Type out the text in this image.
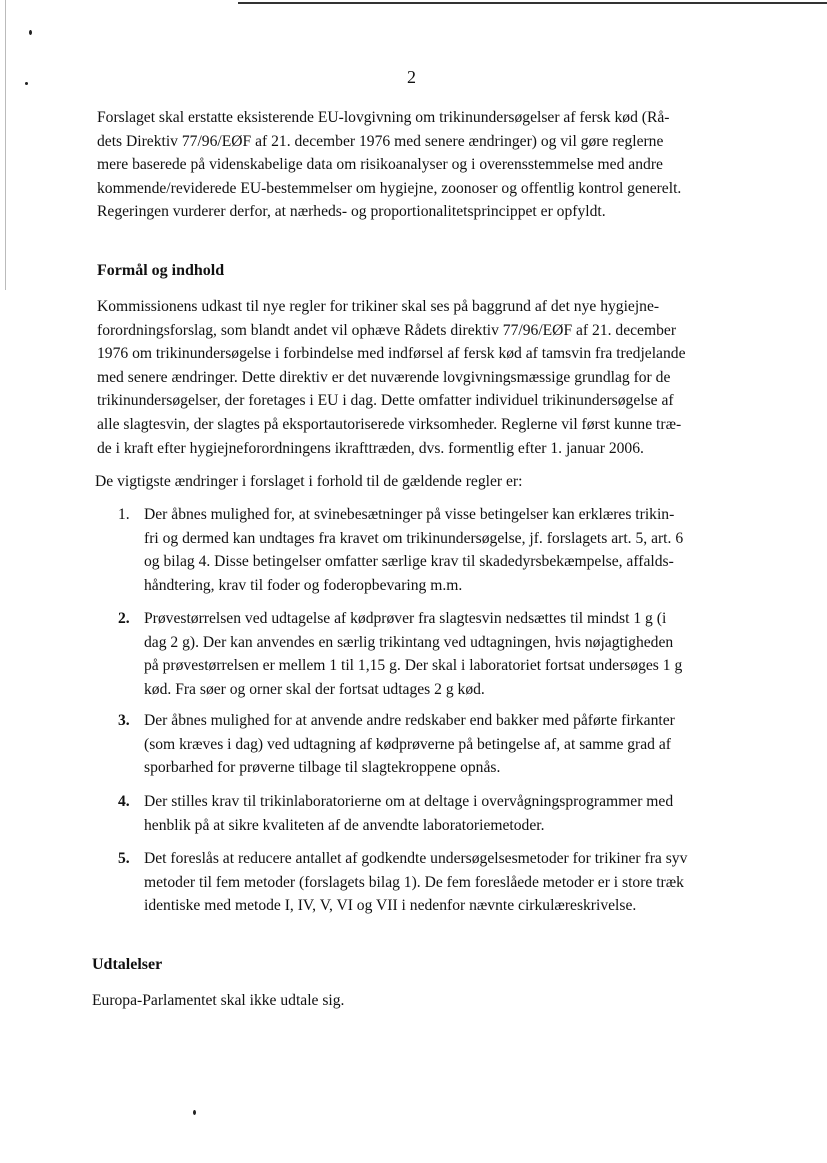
2
Forslaget skal erstatte eksisterende EU-lovgivning om trikinundersøgelser af fersk kød (Rå-
dets Direktiv 77/96/EØF af 21. december 1976 med senere ændringer) og vil gøre reglerne
mere baserede på videnskabelige data om risikoanalyser og i overensstemmelse med andre
kommende/reviderede EU-bestemmelser om hygiejne, zoonoser og offentlig kontrol generelt.
Regeringen vurderer derfor, at nærheds- og proportionalitetsprincippet er opfyldt.
Formål og indhold
Kommissionens udkast til nye regler for trikiner skal ses på baggrund af det nye hygiejne-
forordningsforslag, som blandt andet vil ophæve Rådets direktiv 77/96/EØF af 21. december
1976 om trikinundersøgelse i forbindelse med indførsel af fersk kød af tamsvin fra tredjelande
med senere ændringer. Dette direktiv er det nuværende lovgivningsmæssige grundlag for de
trikinundersøgelser, der foretages i EU i dag. Dette omfatter individuel trikinundersøgelse af
alle slagtesvin, der slagtes på eksportautoriserede virksomheder. Reglerne vil først kunne træ-
de i kraft efter hygiejneforordningens ikrafttræden, dvs. formentlig efter 1. januar 2006.
De vigtigste ændringer i forslaget i forhold til de gældende regler er:
1. Der åbnes mulighed for, at svinebesætninger på visse betingelser kan erklæres trikin-
fri og dermed kan undtages fra kravet om trikinundersøgelse, jf. forslagets art. 5, art. 6
og bilag 4. Disse betingelser omfatter særlige krav til skadedyrsbekæmpelse, affalds-
håndtering, krav til foder og foderopbevaring m.m.
2. Prøvestørrelsen ved udtagelse af kødprøver fra slagtesvin nedsættes til mindst 1 g (i
dag 2 g). Der kan anvendes en særlig trikintang ved udtagningen, hvis nøjagtigheden
på prøvestørrelsen er mellem 1 til 1,15 g. Der skal i laboratoriet fortsat undersøges 1 g
kød. Fra søer og orner skal der fortsat udtages 2 g kød.
3. Der åbnes mulighed for at anvende andre redskaber end bakker med påførte firkanter
(som kræves i dag) ved udtagning af kødprøverne på betingelse af, at samme grad af
sporbarhed for prøverne tilbage til slagtekroppene opnås.
4. Der stilles krav til trikinlaboratorierne om at deltage i overvågningsprogrammer med
henblik på at sikre kvaliteten af de anvendte laboratoriemetoder.
5. Det foreslås at reducere antallet af godkendte undersøgelsesmetoder for trikiner fra syv
metoder til fem metoder (forslagets bilag 1). De fem foreslåede metoder er i store træk
identiske med metode I, IV, V, VI og VII i nedenfor nævnte cirkulæreskrivelse.
Udtalelser
Europa-Parlamentet skal ikke udtale sig.
